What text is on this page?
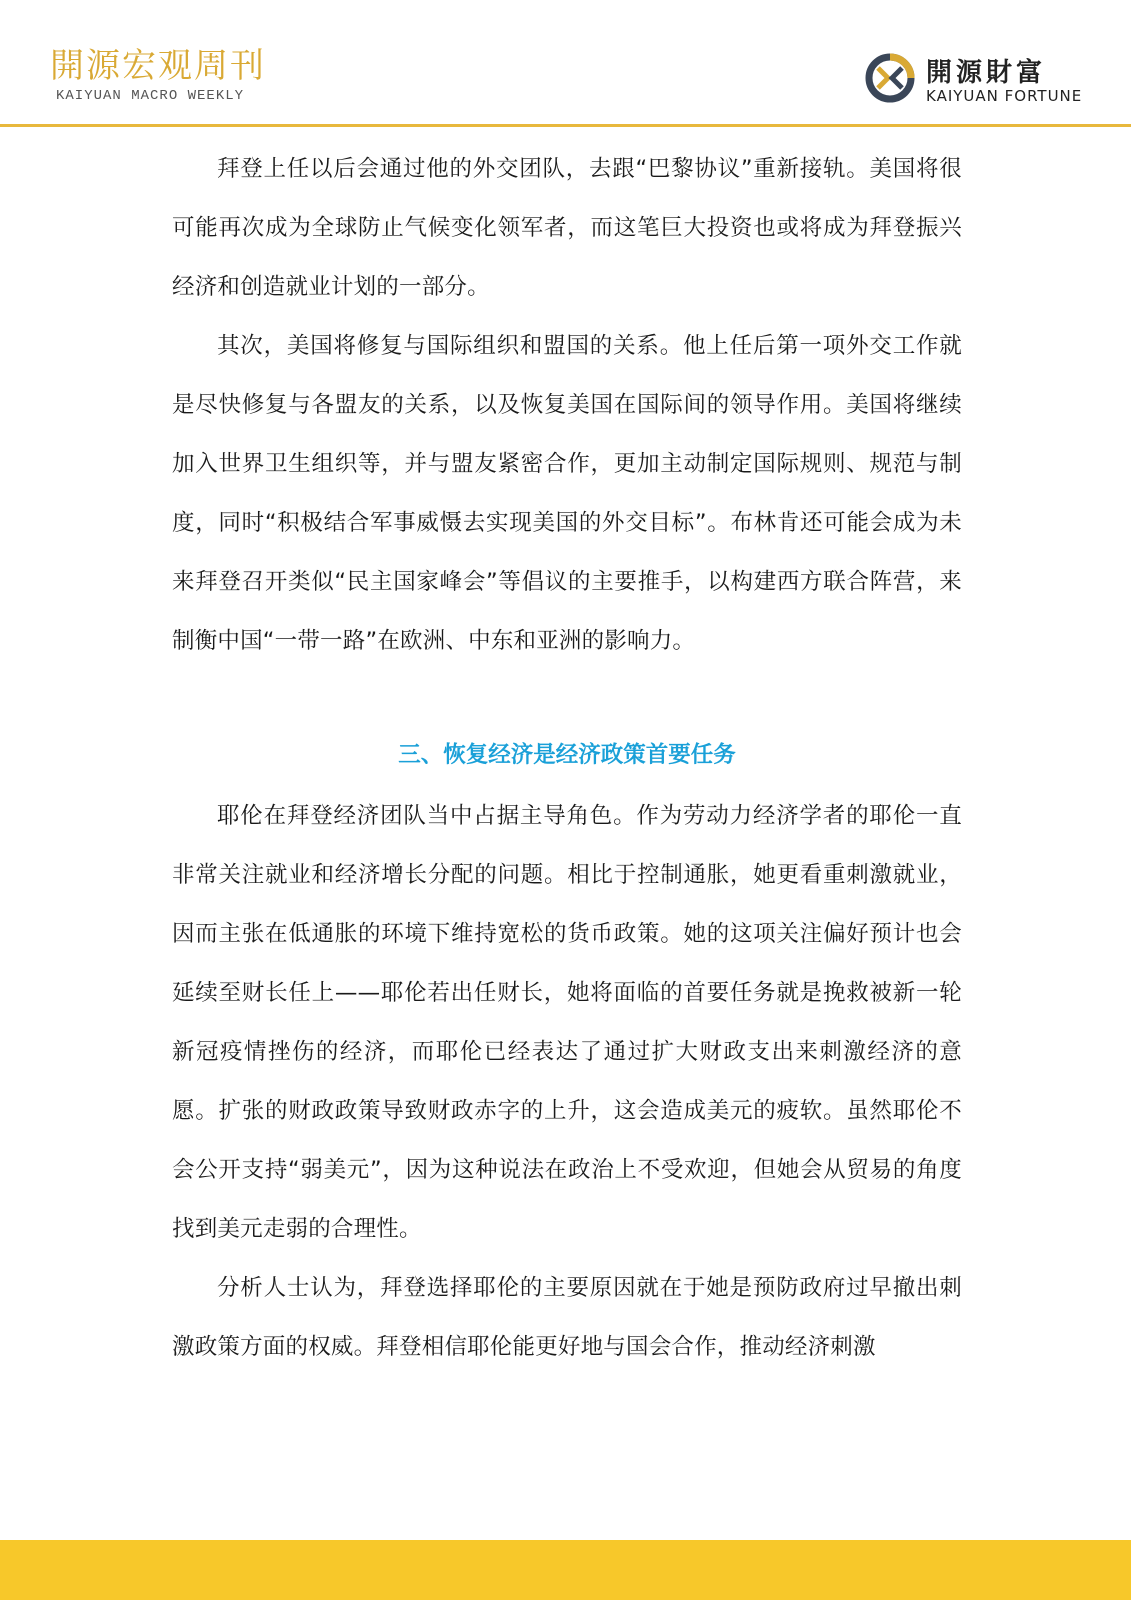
開源宏观周刊
KAIYUAN MACRO WEEKLY
開源財富
KAIYUAN FORTUNE

拜登上任以后会通过他的外交团队，去跟“巴黎协议”重新接轨。美国将很可能再次成为全球防止气候变化领军者，而这笔巨大投资也或将成为拜登振兴经济和创造就业计划的一部分。

其次，美国将修复与国际组织和盟国的关系。他上任后第一项外交工作就是尽快修复与各盟友的关系，以及恢复美国在国际间的领导作用。美国将继续加入世界卫生组织等，并与盟友紧密合作，更加主动制定国际规则、规范与制度，同时“积极结合军事威慑去实现美国的外交目标”。布林肯还可能会成为未来拜登召开类似“民主国家峰会”等倡议的主要推手，以构建西方联合阵营，来制衡中国“一带一路”在欧洲、中东和亚洲的影响力。

三、恢复经济是经济政策首要任务

耶伦在拜登经济团队当中占据主导角色。作为劳动力经济学者的耶伦一直非常关注就业和经济增长分配的问题。相比于控制通胀，她更看重刺激就业，因而主张在低通胀的环境下维持宽松的货币政策。她的这项关注偏好预计也会延续至财长任上——耶伦若出任财长，她将面临的首要任务就是挽救被新一轮新冠疫情挫伤的经济，而耶伦已经表达了通过扩大财政支出来刺激经济的意愿。扩张的财政政策导致财政赤字的上升，这会造成美元的疲软。虽然耶伦不会公开支持“弱美元”，因为这种说法在政治上不受欢迎，但她会从贸易的角度找到美元走弱的合理性。

分析人士认为，拜登选择耶伦的主要原因就在于她是预防政府过早撤出刺激政策方面的权威。拜登相信耶伦能更好地与国会合作，推动经济刺激
